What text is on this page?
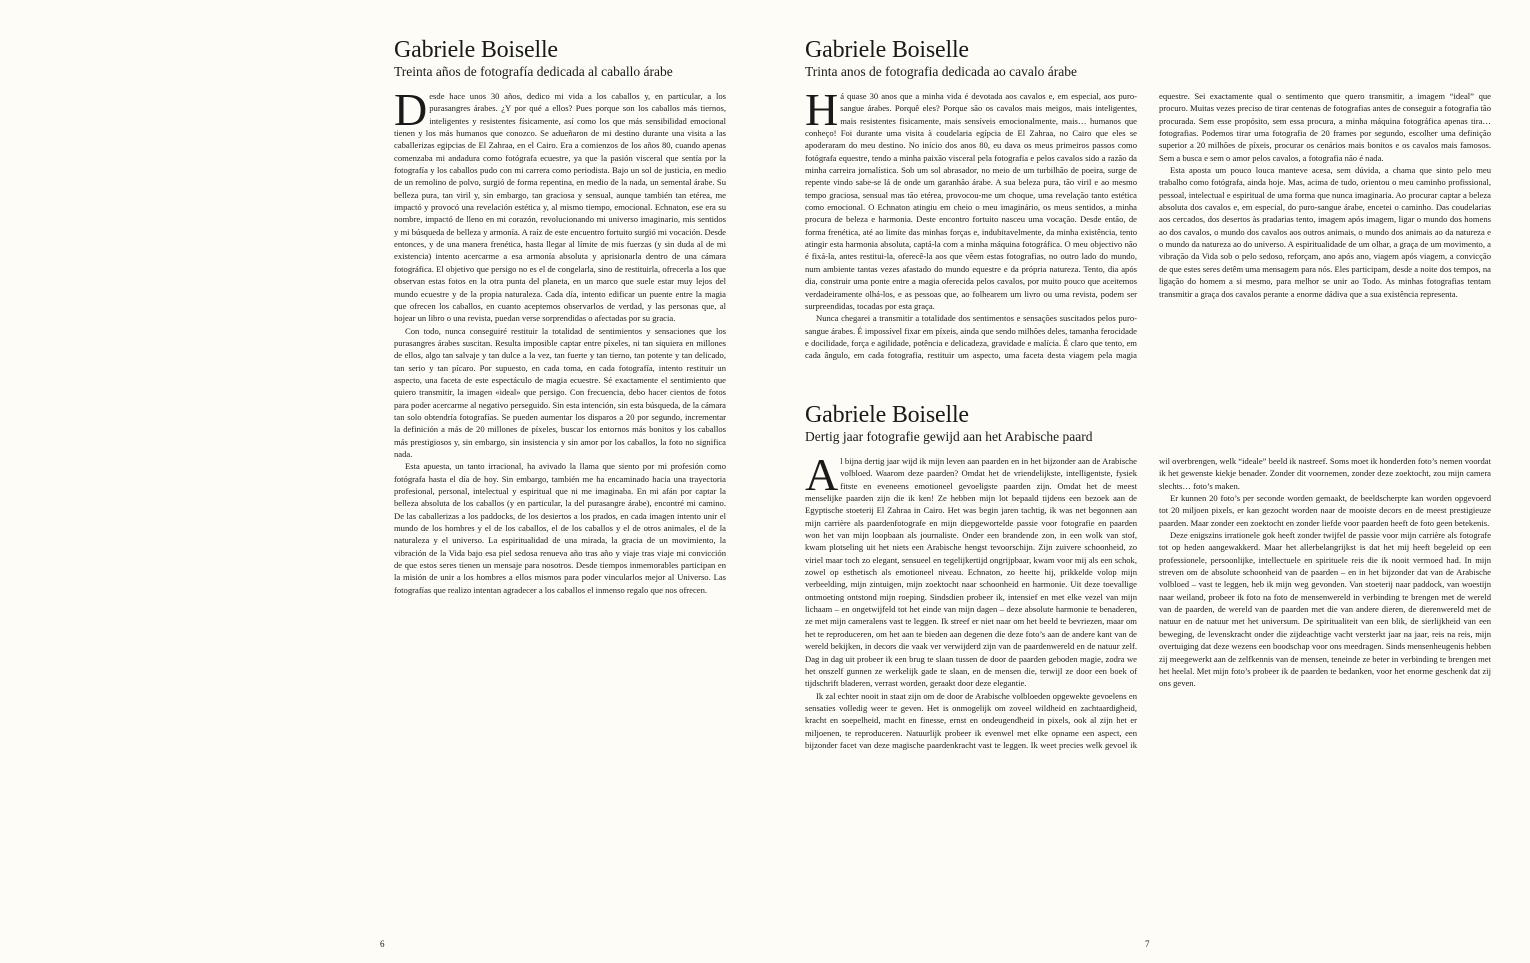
Gabriele Boiselle
Treinta años de fotografía dedicada al caballo árabe

Desde hace unos 30 años, dedico mi vida a los caballos y, en particular, a los purasangres árabes. ¿Y por qué a ellos? Pues porque son los caballos más tiernos, inteligentes y resistentes físicamente, así como los que más sensibilidad emocional tienen y los más humanos que conozco. Se adueñaron de mi destino durante una visita a las caballerizas egipcias de El Zahraa, en el Cairo. Era a comienzos de los años 80, cuando apenas comenzaba mi andadura como fotógrafa ecuestre, ya que la pasión visceral que sentía por la fotografía y los caballos pudo con mi carrera como periodista. Bajo un sol de justicia, en medio de un remolino de polvo, surgió de forma repentina, en medio de la nada, un semental árabe. Su belleza pura, tan viril y, sin embargo, tan graciosa y sensual, aunque también tan etérea, me impactó y provocó una revelación estética y, al mismo tiempo, emocional. Echnaton, ese era su nombre, impactó de lleno en mi corazón, revolucionando mi universo imaginario, mis sentidos y mi búsqueda de belleza y armonía. A raíz de este encuentro fortuito surgió mi vocación. Desde entonces, y de una manera frenética, hasta llegar al límite de mis fuerzas (y sin duda al de mi existencia) intento acercarme a esa armonía absoluta y aprisionarla dentro de una cámara fotográfica. El objetivo que persigo no es el de congelarla, sino de restituirla, ofrecerla a los que observan estas fotos en la otra punta del planeta, en un marco que suele estar muy lejos del mundo ecuestre y de la propia naturaleza. Cada día, intento edificar un puente entre la magia que ofrecen los caballos, en cuanto aceptemos observarlos de verdad, y las personas que, al hojear un libro o una revista, puedan verse sorprendidas o afectadas por su gracia.

Con todo, nunca conseguiré restituir la totalidad de sentimientos y sensaciones que los purasangres árabes suscitan. Resulta imposible captar entre píxeles, ni tan siquiera en millones de ellos, algo tan salvaje y tan dulce a la vez, tan fuerte y tan tierno, tan potente y tan delicado, tan serio y tan pícaro. Por supuesto, en cada toma, en cada fotografía, intento restituir un aspecto, una faceta de este espectáculo de magia ecuestre. Sé exactamente el sentimiento que quiero transmitir, la imagen «ideal» que persigo. Con frecuencia, debo hacer cientos de fotos para poder acercarme al negativo perseguido. Sin esta intención, sin esta búsqueda, de la cámara tan solo obtendría fotografías. Se pueden aumentar los disparos a 20 por segundo, incrementar la definición a más de 20 millones de píxeles, buscar los entornos más bonitos y los caballos más prestigiosos y, sin embargo, sin insistencia y sin amor por los caballos, la foto no significa nada.

Esta apuesta, un tanto irracional, ha avivado la llama que siento por mi profesión como fotógrafa hasta el día de hoy. Sin embargo, también me ha encaminado hacia una trayectoria profesional, personal, intelectual y espiritual que ni me imaginaba. En mi afán por captar la belleza absoluta de los caballos (y en particular, la del purasangre árabe), encontré mi camino. De las caballerizas a los paddocks, de los desiertos a los prados, en cada imagen intento unir el mundo de los hombres y el de los caballos, el de los caballos y el de otros animales, el de la naturaleza y el universo. La espiritualidad de una mirada, la gracia de un movimiento, la vibración de la Vida bajo esa piel sedosa renueva año tras año y viaje tras viaje mi convicción de que estos seres tienen un mensaje para nosotros. Desde tiempos inmemorables participan en la misión de unir a los hombres a ellos mismos para poder vincularlos mejor al Universo. Las fotografías que realizo intentan agradecer a los caballos el inmenso regalo que nos ofrecen.

6
Gabriele Boiselle
Trinta anos de fotografia dedicada ao cavalo árabe

Há quase 30 anos que a minha vida é devotada aos cavalos e, em especial, aos puro-sangue árabes. Porquê eles? Porque são os cavalos mais meigos, mais inteligentes, mais resistentes fisicamente, mais sensíveis emocionalmente, mais… humanos que conheço! Foi durante uma visita à coudelaria egípcia de El Zahraa, no Cairo que eles se apoderaram do meu destino. No início dos anos 80, eu dava os meus primeiros passos como fotógrafa equestre, tendo a minha paixão visceral pela fotografia e pelos cavalos sido a razão da minha carreira jornalística. Sob um sol abrasador, no meio de um turbilhão de poeira, surge de repente vindo sabe-se lá de onde um garanhão árabe. A sua beleza pura, tão viril e ao mesmo tempo graciosa, sensual mas tão etérea, provocou-me um choque, uma revelação tanto estética como emocional. O Echnaton atingiu em cheio o meu imaginário, os meus sentidos, a minha procura de beleza e harmonia. Deste encontro fortuito nasceu uma vocação. Desde então, de forma frenética, até ao limite das minhas forças e, indubitavelmente, da minha existência, tento atingir esta harmonia absoluta, captá-la com a minha máquina fotográfica. O meu objectivo não é fixá-la, antes restitui-la, oferecê-la aos que vêem estas fotografias, no outro lado do mundo, num ambiente tantas vezes afastado do mundo equestre e da própria natureza. Tento, dia após dia, construir uma ponte entre a magia oferecida pelos cavalos, por muito pouco que aceitemos verdadeiramente olhá-los, e as pessoas que, ao folhearem um livro ou uma revista, podem ser surpreendidas, tocadas por esta graça.

Nunca chegarei a transmitir a totalidade dos sentimentos e sensações suscitados pelos puro-sangue árabes. É impossível fixar em píxeis, ainda que sendo milhões deles, tamanha ferocidade e docilidade, força e agilidade, potência e delicadeza, gravidade e malícia. É claro que tento, em cada ângulo, em cada fotografia, restituir um aspecto, uma faceta desta viagem pela magia equestre. Sei exactamente qual o sentimento que quero transmitir, a imagem “ideal” que procuro. Muitas vezes preciso de tirar centenas de fotografias antes de conseguir a fotografia tão procurada. Sem esse propósito, sem essa procura, a minha máquina fotográfica apenas tira… fotografias. Podemos tirar uma fotografia de 20 frames por segundo, escolher uma definição superior a 20 milhões de píxeis, procurar os cenários mais bonitos e os cavalos mais famosos. Sem a busca e sem o amor pelos cavalos, a fotografia não é nada.

Esta aposta um pouco louca manteve acesa, sem dúvida, a chama que sinto pelo meu trabalho como fotógrafa, ainda hoje. Mas, acima de tudo, orientou o meu caminho profissional, pessoal, intelectual e espiritual de uma forma que nunca imaginaria. Ao procurar captar a beleza absoluta dos cavalos e, em especial, do puro-sangue árabe, encetei o caminho. Das coudelarias aos cercados, dos desertos às pradarias tento, imagem após imagem, ligar o mundo dos homens ao dos cavalos, o mundo dos cavalos aos outros animais, o mundo dos animais ao da natureza e o mundo da natureza ao do universo. A espiritualidade de um olhar, a graça de um movimento, a vibração da Vida sob o pelo sedoso, reforçam, ano após ano, viagem após viagem, a convicção de que estes seres detêm uma mensagem para nós. Eles participam, desde a noite dos tempos, na ligação do homem a si mesmo, para melhor se unir ao Todo. As minhas fotografias tentam transmitir a graça dos cavalos perante a enorme dádiva que a sua existência representa.

Gabriele Boiselle
Dertig jaar fotografie gewijd aan het Arabische paard

Al bijna dertig jaar wijd ik mijn leven aan paarden en in het bijzonder aan de Arabische volbloed. Waarom deze paarden? Omdat het de vriendelijkste, intelligentste, fysiek fitste en eveneens emotioneel gevoeligste paarden zijn. Omdat het de meest menselijke paarden zijn die ik ken! Ze hebben mijn lot bepaald tijdens een bezoek aan de Egyptische stoeterij El Zahraa in Cairo. Het was begin jaren tachtig, ik was net begonnen aan mijn carrière als paardenfotografe en mijn diepgewortelde passie voor fotografie en paarden won het van mijn loopbaan als journaliste. Onder een brandende zon, in een wolk van stof, kwam plotseling uit het niets een Arabische hengst tevoorschijn. Zijn zuivere schoonheid, zo viriel maar toch zo elegant, sensueel en tegelijkertijd ongrijpbaar, kwam voor mij als een schok, zowel op esthetisch als emotioneel niveau. Echnaton, zo heette hij, prikkelde volop mijn verbeelding, mijn zintuigen, mijn zoektocht naar schoonheid en harmonie. Uit deze toevallige ontmoeting ontstond mijn roeping. Sindsdien probeer ik, intensief en met elke vezel van mijn lichaam – en ongetwijfeld tot het einde van mijn dagen – deze absolute harmonie te benaderen, ze met mijn cameralens vast te leggen. Ik streef er niet naar om het beeld te bevriezen, maar om het te reproduceren, om het aan te bieden aan degenen die deze foto’s aan de andere kant van de wereld bekijken, in decors die vaak ver verwijderd zijn van de paardenwereld en de natuur zelf. Dag in dag uit probeer ik een brug te slaan tussen de door de paarden geboden magie, zodra we het onszelf gunnen ze werkelijk gade te slaan, en de mensen die, terwijl ze door een boek of tijdschrift bladeren, verrast worden, geraakt door deze elegantie.

Ik zal echter nooit in staat zijn om de door de Arabische volbloeden opgewekte gevoelens en sensaties volledig weer te geven. Het is onmogelijk om zoveel wildheid en zachtaardigheid, kracht en soepelheid, macht en finesse, ernst en ondeugendheid in pixels, ook al zijn het er miljoenen, te reproduceren. Natuurlijk probeer ik evenwel met elke opname een aspect, een bijzonder facet van deze magische paardenkracht vast te leggen. Ik weet precies welk gevoel ik wil overbrengen, welk “ideale” beeld ik nastreef. Soms moet ik honderden foto’s nemen voordat ik het gewenste kiekje benader. Zonder dit voornemen, zonder deze zoektocht, zou mijn camera slechts… foto’s maken.

Er kunnen 20 foto’s per seconde worden gemaakt, de beeldscherpte kan worden opgevoerd tot 20 miljoen pixels, er kan gezocht worden naar de mooiste decors en de meest prestigieuze paarden. Maar zonder een zoektocht en zonder liefde voor paarden heeft de foto geen betekenis.

Deze enigszins irrationele gok heeft zonder twijfel de passie voor mijn carrière als fotografe tot op heden aangewakkerd. Maar het allerbelangrijkst is dat het mij heeft begeleid op een professionele, persoonlijke, intellectuele en spirituele reis die ik nooit vermoed had. In mijn streven om de absolute schoonheid van de paarden – en in het bijzonder dat van de Arabische volbloed – vast te leggen, heb ik mijn weg gevonden. Van stoeterij naar paddock, van woestijn naar weiland, probeer ik foto na foto de mensenwereld in verbinding te brengen met de wereld van de paarden, de wereld van de paarden met die van andere dieren, de dierenwereld met de natuur en de natuur met het universum. De spiritualiteit van een blik, de sierlijkheid van een beweging, de levenskracht onder die zijdeachtige vacht versterkt jaar na jaar, reis na reis, mijn overtuiging dat deze wezens een boodschap voor ons meedragen. Sinds mensenheugenis hebben zij meegewerkt aan de zelfkennis van de mensen, teneinde ze beter in verbinding te brengen met het heelal. Met mijn foto’s probeer ik de paarden te bedanken, voor het enorme geschenk dat zij ons geven.

7
